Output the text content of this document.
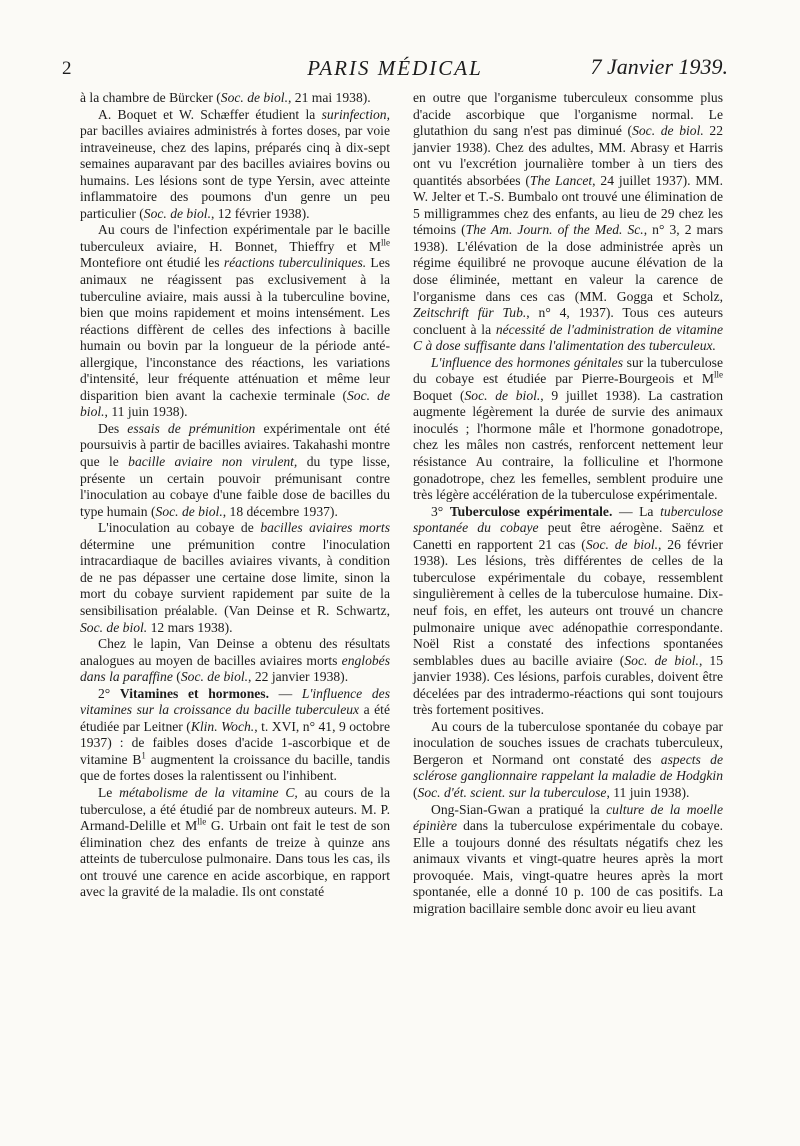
2	PARIS MÉDICAL	7 Janvier 1939.

à la chambre de Bürcker (Soc. de biol., 21 mai 1938).

A. Boquet et W. Schæffer étudient la surinfection, par bacilles aviaires administrés à fortes doses, par voie intraveineuse, chez des lapins, préparés cinq à dix-sept semaines auparavant par des bacilles aviaires bovins ou humains. Les lésions sont de type Yersin, avec atteinte inflammatoire des poumons d'un genre un peu particulier (Soc. de biol., 12 février 1938).

Au cours de l'infection expérimentale par le bacille tuberculeux aviaire, H. Bonnet, Thieffry et $M^{lle}$ Montefiore ont étudié les réactions tuberculiniques. Les animaux ne réagissent pas exclusivement à la tuberculine aviaire, mais aussi à la tuberculine bovine, bien que moins rapidement et moins intensément. Les réactions diffèrent de celles des infections à bacille humain ou bovin par la longueur de la période anté-allergique, l'inconstance des réactions, les variations d'intensité, leur fréquente atténuation et même leur disparition bien avant la cachexie terminale (Soc. de biol., 11 juin 1938).

Des essais de prémunition expérimentale ont été poursuivis à partir de bacilles aviaires. Takahashi montre que le bacille aviaire non virulent, du type lisse, présente un certain pouvoir prémunisant contre l'inoculation au cobaye d'une faible dose de bacilles du type humain (Soc. de biol., 18 décembre 1937).

L'inoculation au cobaye de bacilles aviaires morts détermine une prémunition contre l'inoculation intracardiaque de bacilles aviaires vivants, à condition de ne pas dépasser une certaine dose limite, sinon la mort du cobaye survient rapidement par suite de la sensibilisation préalable. (Van Deinse et R. Schwartz, Soc. de biol. 12 mars 1938).

Chez le lapin, Van Deinse a obtenu des résultats analogues au moyen de bacilles aviaires morts englobés dans la paraffine (Soc. de biol., 22 janvier 1938).

2° Vitamines et hormones. — L'influence des vitamines sur la croissance du bacille tuberculeux a été étudiée par Leitner (Klin. Woch., t. XVI, n° 41, 9 octobre 1937) : de faibles doses d'acide 1-ascorbique et de vitamine $B^1$ augmentent la croissance du bacille, tandis que de fortes doses la ralentissent ou l'inhibent.

Le métabolisme de la vitamine C, au cours de la tuberculose, a été étudié par de nombreux auteurs. M. P. Armand-Delille et $M^{lle}$ G. Urbain ont fait le test de son élimination chez des enfants de treize à quinze ans atteints de tuberculose pulmonaire. Dans tous les cas, ils ont trouvé une carence en acide ascorbique, en rapport avec la gravité de la maladie. Ils ont constaté

en outre que l'organisme tuberculeux consomme plus d'acide ascorbique que l'organisme normal. Le glutathion du sang n'est pas diminué (Soc. de biol. 22 janvier 1938). Chez des adultes, MM. Abrasy et Harris ont vu l'excrétion journalière tomber à un tiers des quantités absorbées (The Lancet, 24 juillet 1937). MM. W. Jelter et T.-S. Bumbalo ont trouvé une élimination de 5 milligrammes chez des enfants, au lieu de 29 chez les témoins (The Am. Journ. of the Med. Sc., n° 3, 2 mars 1938). L'élévation de la dose administrée après un régime équilibré ne provoque aucune élévation de la dose éliminée, mettant en valeur la carence de l'organisme dans ces cas (MM. Gogga et Scholz, Zeitschrift für Tub., n° 4, 1937). Tous ces auteurs concluent à la nécessité de l'administration de vitamine C à dose suffisante dans l'alimentation des tuberculeux.

L'influence des hormones génitales sur la tuberculose du cobaye est étudiée par Pierre-Bourgeois et $M^{lle}$ Boquet (Soc. de biol., 9 juillet 1938). La castration augmente légèrement la durée de survie des animaux inoculés ; l'hormone mâle et l'hormone gonadotrope, chez les mâles non castrés, renforcent nettement leur résistance Au contraire, la folliculine et l'hormone gonadotrope, chez les femelles, semblent produire une très légère accélération de la tuberculose expérimentale.

3° Tuberculose expérimentale. — La tuberculose spontanée du cobaye peut être aérogène. Saënz et Canetti en rapportent 21 cas (Soc. de biol., 26 février 1938). Les lésions, très différentes de celles de la tuberculose expérimentale du cobaye, ressemblent singulièrement à celles de la tuberculose humaine. Dix-neuf fois, en effet, les auteurs ont trouvé un chancre pulmonaire unique avec adénopathie correspondante. Noël Rist a constaté des infections spontanées semblables dues au bacille aviaire (Soc. de biol., 15 janvier 1938). Ces lésions, parfois curables, doivent être décelées par des intradermo-réactions qui sont toujours très fortement positives.

Au cours de la tuberculose spontanée du cobaye par inoculation de souches issues de crachats tuberculeux, Bergeron et Normand ont constaté des aspects de sclérose ganglionnaire rappelant la maladie de Hodgkin (Soc. d'ét. scient. sur la tuberculose, 11 juin 1938).

Ong-Sian-Gwan a pratiqué la culture de la moelle épinière dans la tuberculose expérimentale du cobaye. Elle a toujours donné des résultats négatifs chez les animaux vivants et vingt-quatre heures après la mort provoquée. Mais, vingt-quatre heures après la mort spontanée, elle a donné 10 p. 100 de cas positifs. La migration bacillaire semble donc avoir eu lieu avant
